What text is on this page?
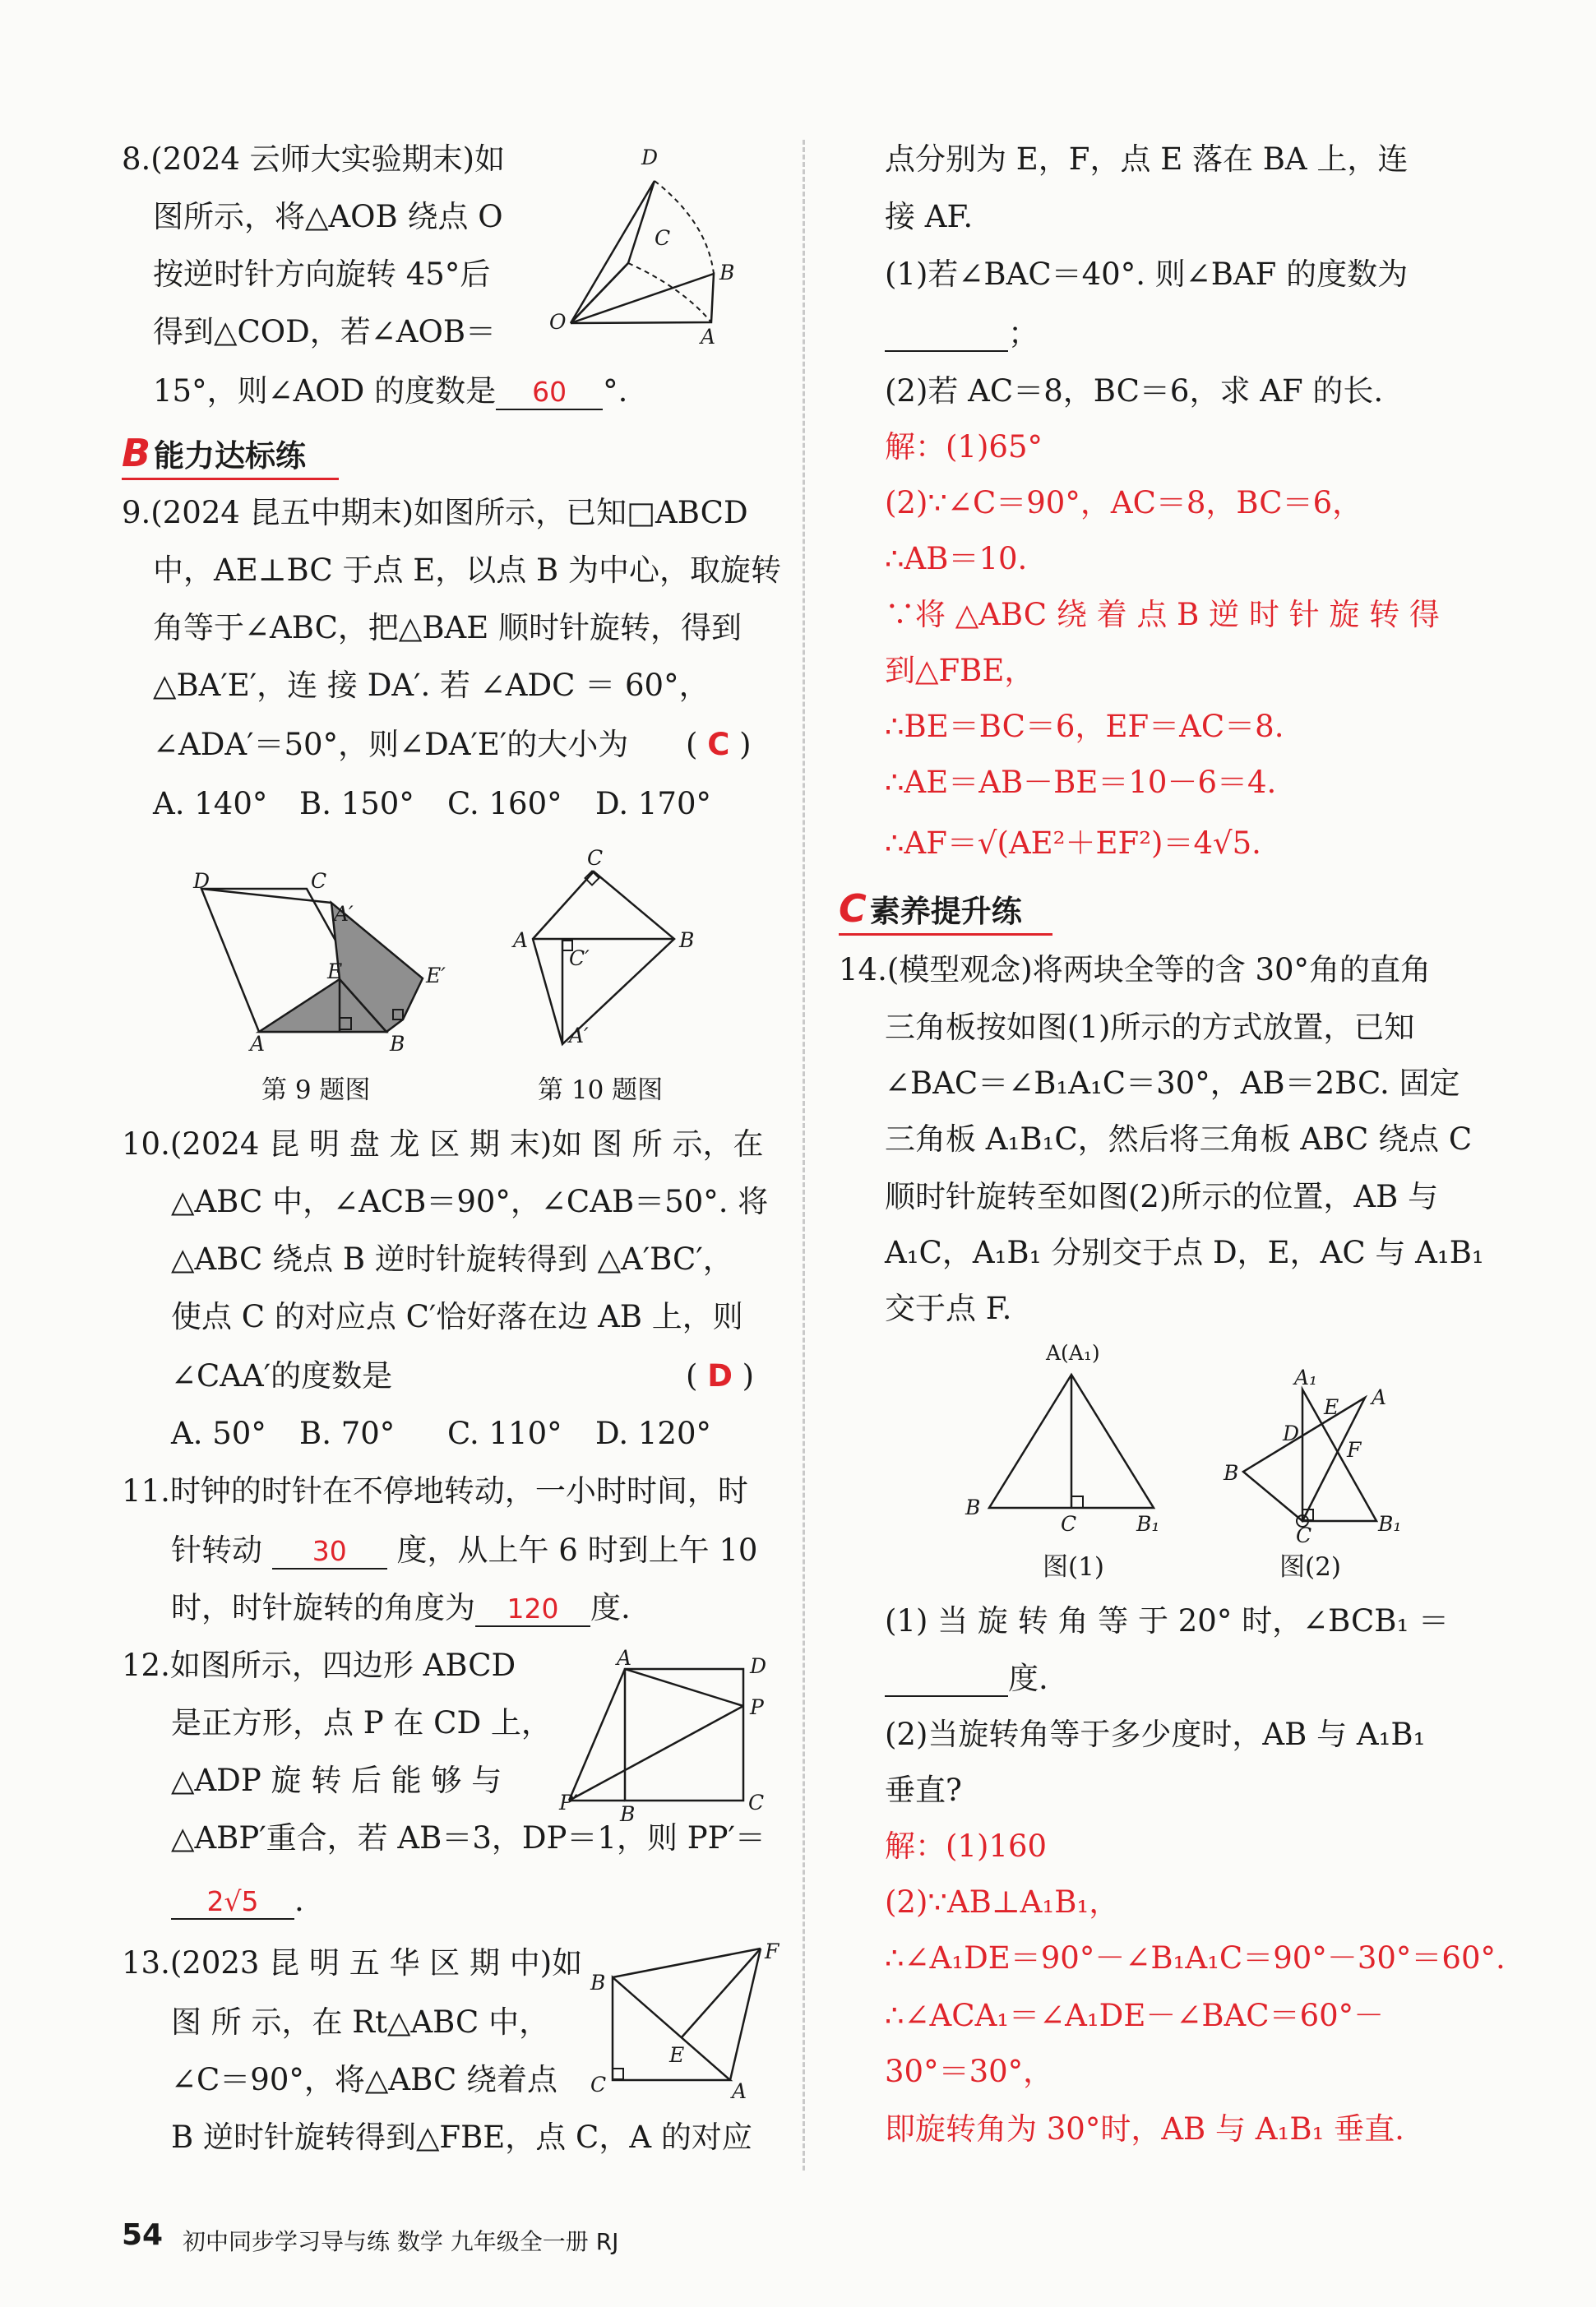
8.(2024 云师大实验期末)如
图所示，将△AOB 绕点 O
按逆时针方向旋转 45°后
得到△COD，若∠AOB＝
15°，则∠AOD 的度数是 60 °.
D
C
B
O
A
B 能力达标练
9.(2024 昆五中期末)如图所示，已知□ABCD
中，AE⊥BC 于点 E，以点 B 为中心，取旋转
角等于∠ABC，把△BAE 顺时针旋转，得到
△BA′E′，连 接 DA′. 若 ∠ADC ＝ 60°，
∠ADA′＝50°，则∠DA′E′的大小为 ( C )
A. 140° B. 150° C. 160° D. 170°
D	C
A′
E	E′
A	B
C
A
C′
B
A′
第 9 题图	第 10 题图
10.(2024 昆 明 盘 龙 区 期 末)如 图 所 示，在
△ABC 中，∠ACB＝90°，∠CAB＝50°. 将
△ABC 绕点 B 逆时针旋转得到 △A′BC′，
使点 C 的对应点 C′恰好落在边 AB 上，则
∠CAA′的度数是	( D )
A. 50° B. 70° C. 110° D. 120°
11.时钟的时针在不停地转动，一小时时间，时
针转动 30 度，从上午 6 时到上午 10
时，时针旋转的角度为 120 度.
12.如图所示，四边形 ABCD
是正方形，点 P 在 CD 上，
△ADP 旋 转 后 能 够 与
△ABP′重合，若 AB＝3，DP＝1，则 PP′＝
2√5 .
A	D
P
P′ B	C
13.(2023 昆 明 五 华 区 期 中)如
图 所 示，在 Rt△ABC 中，
∠C＝90°，将△ABC 绕着点
B 逆时针旋转得到△FBE，点 C，A 的对应
F
B
E
C	A
点分别为 E，F，点 E 落在 BA 上，连
接 AF.
(1)若∠BAC＝40°. 则∠BAF 的度数为
；
(2)若 AC＝8，BC＝6，求 AF 的长.
解：(1)65°
(2)∵∠C＝90°，AC＝8，BC＝6，
∴AB＝10.
∵将 △ABC 绕 着 点 B 逆 时 针 旋 转 得
到△FBE，
∴BE＝BC＝6，EF＝AC＝8.
∴AE＝AB－BE＝10－6＝4.
∴AF＝√(AE²＋EF²)＝4√5.
C 素养提升练
14.(模型观念)将两块全等的含 30°角的直角
三角板按如图(1)所示的方式放置，已知
∠BAC＝∠B₁A₁C＝30°，AB＝2BC. 固定
三角板 A₁B₁C，然后将三角板 ABC 绕点 C
顺时针旋转至如图(2)所示的位置，AB 与
A₁C，A₁B₁ 分别交于点 D，E，AC 与 A₁B₁
交于点 F.
A(A₁)
B
C	B₁
图(1)
A₁
E A
D
F
B
C	B₁
图(2)
(1) 当 旋 转 角 等 于 20° 时，∠BCB₁ ＝
度.
(2)当旋转角等于多少度时，AB 与 A₁B₁
垂直?
解：(1)160
(2)∵AB⊥A₁B₁，
∴∠A₁DE＝90°－∠B₁A₁C＝90°－30°＝60°.
∴∠ACA₁＝∠A₁DE－∠BAC＝60°－
30°＝30°，
即旋转角为 30°时，AB 与 A₁B₁ 垂直.
54 初中同步学习导与练 数学 九年级全一册 RJ
